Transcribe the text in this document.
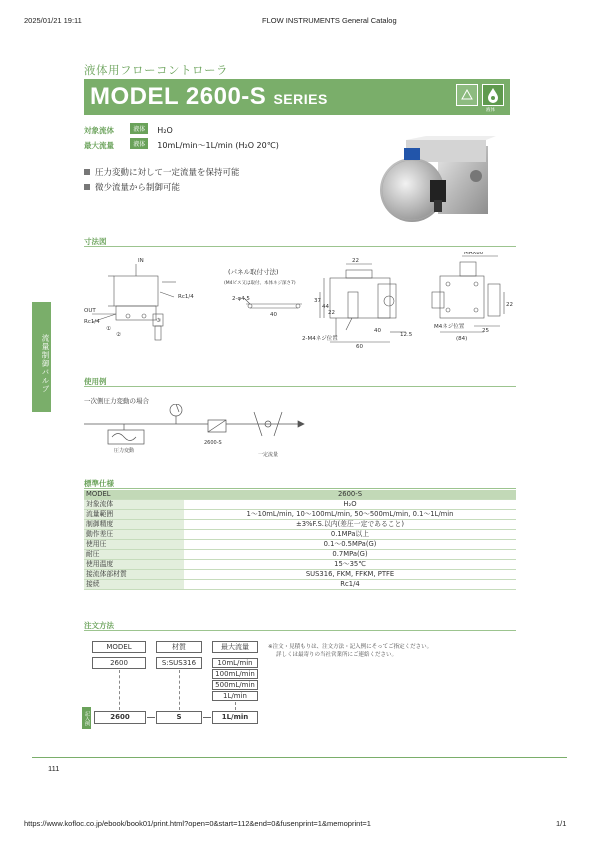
2025/01/21 19:11	FLOW INSTRUMENTS General Catalog
液体用フローコントローラ
MODEL 2600-S SERIES
液体
対象流体	液体 H₂O
最大流量	液体 10mL/min～1L/min (H₂O 20℃)
圧力変動に対して一定流量を保持可能
微少流量から制御可能
流量制御バルブ
寸法図
IN
OUT
Rc1/4
Rc1/4
①
②
③
(パネル取付寸法)
(M4ビス又は取付、本体ネジ深さ7)
2-φ4.5
40
22
37
44
22
40
60
12.5
2-M4ネジ位置
MAX80
M4ネジ位置
25
(84)
22
使用例
一次側圧力変動の場合
圧力変動
2600-S
一定流量
標準仕様
MODEL	2600-S
対象流体	H₂O
流量範囲	1～10mL/min, 10～100mL/min, 50～500mL/min, 0.1～1L/min
制御精度	±3%F.S.以内(差圧一定であること)
動作差圧	0.1MPa以上
使用圧	0.1～0.5MPa(G)
耐圧	0.7MPa(G)
使用温度	15～35℃
接流体部材質	SUS316, FKM, FFKM, PTFE
接続	Rc1/4
注文方法
MODEL	材質	最大流量
2600	S:SUS316	10mL/min
100mL/min
500mL/min
1L/min
※注文・見積もりは、注文方法・記入例にそってご指定ください。
詳しくは最寄りの当社営業所にご連絡ください。
記入例	2600	S	1L/min
111
https://www.kofloc.co.jp/ebook/book01/print.html?open=0&start=112&end=0&fusenprint=1&memoprint=1	1/1
